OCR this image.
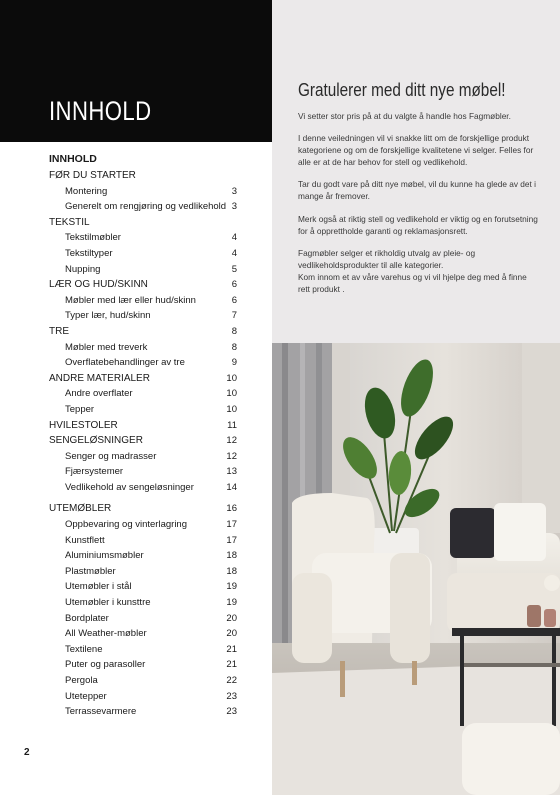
INNHOLD
INNHOLD
FØR DU STARTER
Montering	3
Generelt om rengjøring og vedlikehold 3
TEKSTIL
Tekstilmøbler	4
Tekstiltyper	4
Nupping	5
LÆR OG HUD/SKINN	6
Møbler med lær eller hud/skinn	6
Typer lær, hud/skinn	7
TRE	8
Møbler med treverk	8
Overflatebehandlinger av tre	9
ANDRE MATERIALER	10
Andre overflater	10
Tepper	10
HVILESTOLER	11
SENGELØSNINGER	12
Senger og madrasser	12
Fjærsystemer	13
Vedlikehold av sengeløsninger	14
UTEMØBLER	16
Oppbevaring og vinterlagring	17
Kunstflett	17
Aluminiumsmøbler	18
Plastmøbler	18
Utemøbler i stål	19
Utemøbler i kunsttre	19
Bordplater	20
All Weather-møbler	20
Textilene	21
Puter og parasoller	21
Pergola	22
Utetepper	23
Terrassevarmere	23
2
Gratulerer med ditt nye møbel!

Vi setter stor pris på at du valgte å handle hos Fagmøbler.

I denne veiledningen vil vi snakke litt om de forskjellige produkt kategoriene og om de forskjellige kvalitetene vi selger. Felles for alle er at de har behov for stell og vedlikehold.

Tar du godt vare på ditt nye møbel, vil du kunne ha glede av det i mange år fremover.

Merk også at riktig stell og vedlikehold er viktig og en forutsetning for å opprettholde garanti og reklamasjonsrett.

Fagmøbler selger et rikholdig utvalg av pleie- og vedlikeholdsprodukter til alle kategorier.
Kom innom et av våre varehus og vi vil hjelpe deg med å finne rett produkt .
